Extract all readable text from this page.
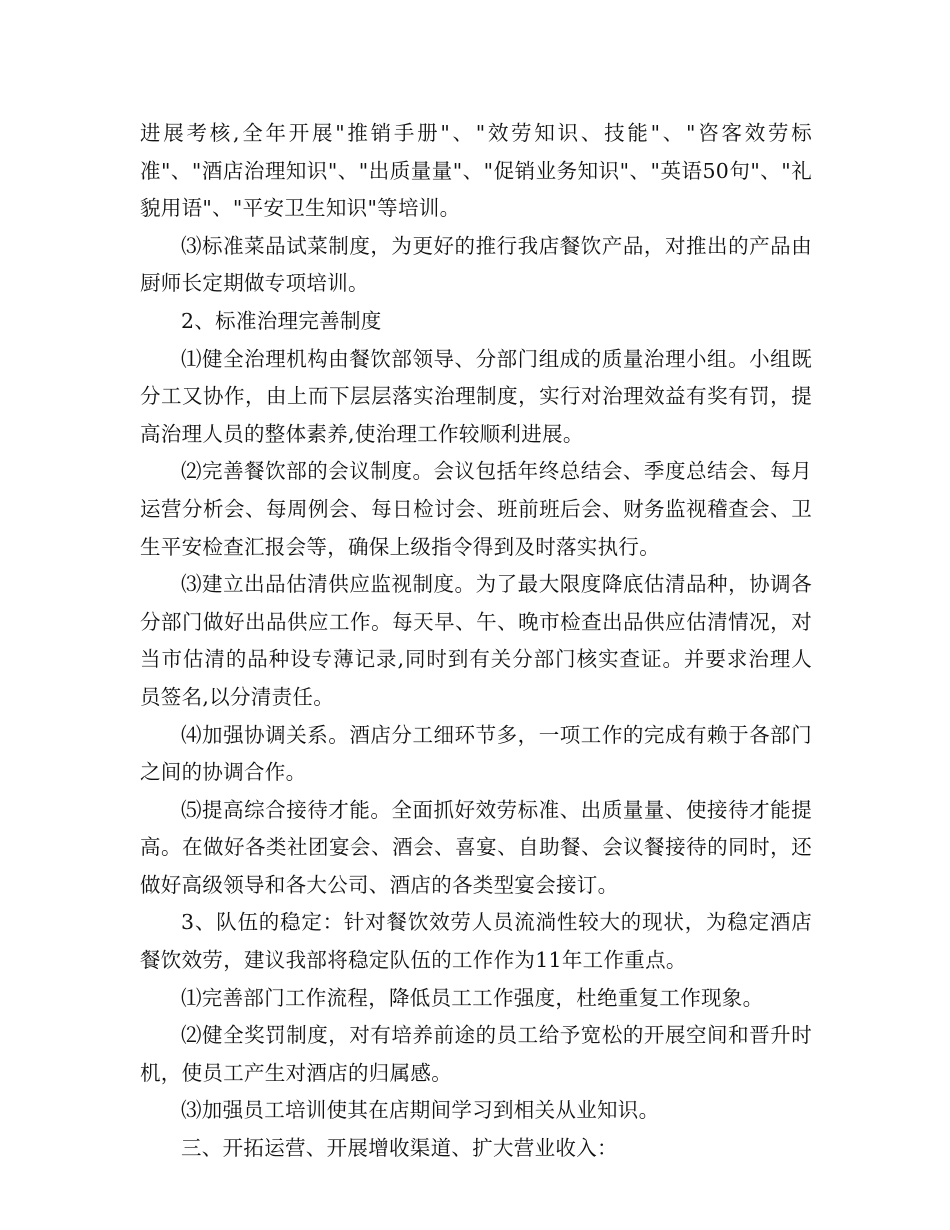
进展考核,全年开展"推销手册"、"效劳知识、技能"、"咨客效劳标准"、"酒店治理知识"、"出质量量"、"促销业务知识"、"英语50句"、"礼貌用语"、"平安卫生知识"等培训。

⑶标准菜品试菜制度，为更好的推行我店餐饮产品，对推出的产品由厨师长定期做专项培训。

2、标准治理完善制度

⑴健全治理机构由餐饮部领导、分部门组成的质量治理小组。小组既分工又协作，由上而下层层落实治理制度，实行对治理效益有奖有罚，提高治理人员的整体素养,使治理工作较顺利进展。

⑵完善餐饮部的会议制度。会议包括年终总结会、季度总结会、每月运营分析会、每周例会、每日检讨会、班前班后会、财务监视稽查会、卫生平安检查汇报会等，确保上级指令得到及时落实执行。

⑶建立出品估清供应监视制度。为了最大限度降底估清品种，协调各分部门做好出品供应工作。每天早、午、晚市检查出品供应估清情况，对当市估清的品种设专薄记录,同时到有关分部门核实查证。并要求治理人员签名,以分清责任。

⑷加强协调关系。酒店分工细环节多，一项工作的完成有赖于各部门之间的协调合作。

⑸提高综合接待才能。全面抓好效劳标准、出质量量、使接待才能提高。在做好各类社团宴会、酒会、喜宴、自助餐、会议餐接待的同时，还做好高级领导和各大公司、酒店的各类型宴会接订。

3、队伍的稳定：针对餐饮效劳人员流淌性较大的现状，为稳定酒店餐饮效劳，建议我部将稳定队伍的工作作为11年工作重点。

⑴完善部门工作流程，降低员工工作强度，杜绝重复工作现象。

⑵健全奖罚制度，对有培养前途的员工给予宽松的开展空间和晋升时机，使员工产生对酒店的归属感。

⑶加强员工培训使其在店期间学习到相关从业知识。

三、开拓运营、开展增收渠道、扩大营业收入：
